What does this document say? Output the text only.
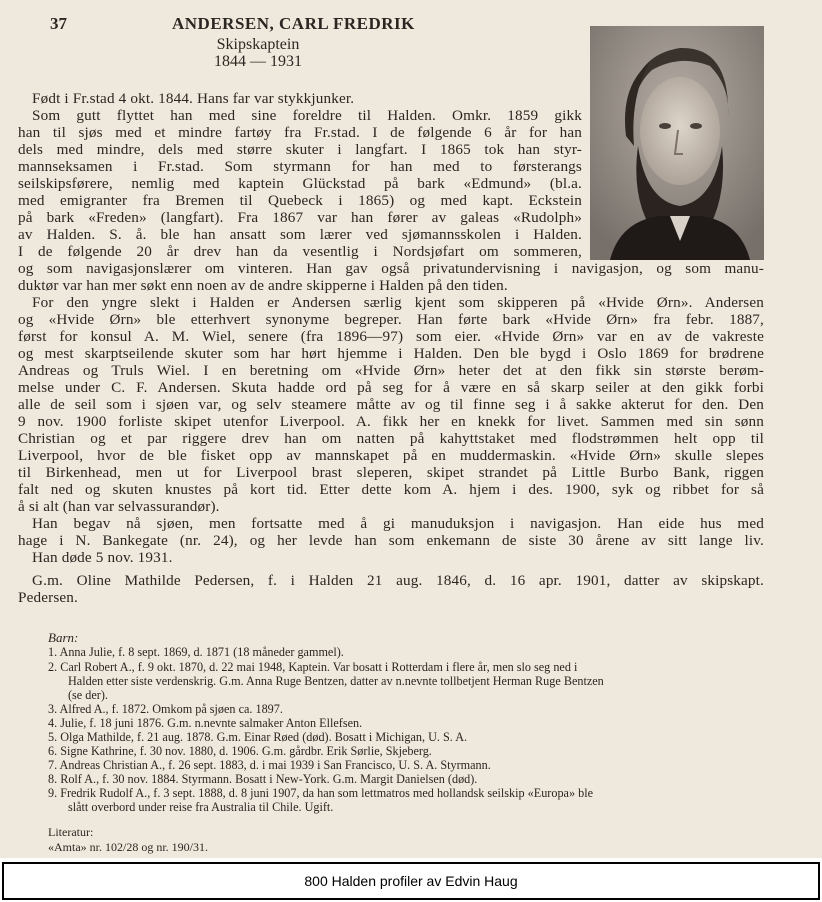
37	ANDERSEN, CARL FREDRIK
Skipskaptein
1844 — 1931
Født i Fr.stad 4 okt. 1844. Hans far var stykkjunker.
Som gutt flyttet han med sine foreldre til Halden. Omkr. 1859 gikk
han til sjøs med et mindre fartøy fra Fr.stad. I de følgende 6 år for han
dels med mindre, dels med større skuter i langfart. I 1865 tok han styr-
mannseksamen i Fr.stad. Som styrmann for han med to førsterangs
seilskipsførere, nemlig med kaptein Glückstad på bark «Edmund» (bl.a.
med emigranter fra Bremen til Quebeck i 1865) og med kapt. Eckstein
på bark «Freden» (langfart). Fra 1867 var han fører av galeas «Rudolph»
av Halden. S. å. ble han ansatt som lærer ved sjømannsskolen i Halden.
I de følgende 20 år drev han da vesentlig i Nordsjøfart om sommeren,
og som navigasjonslærer om vinteren. Han gav også privatundervisning i navigasjon, og som manu-
duktør var han mer søkt enn noen av de andre skipperne i Halden på den tiden.
For den yngre slekt i Halden er Andersen særlig kjent som skipperen på «Hvide Ørn». Andersen
og «Hvide Ørn» ble etterhvert synonyme begreper. Han førte bark «Hvide Ørn» fra febr. 1887,
først for konsul A. M. Wiel, senere (fra 1896—97) som eier. «Hvide Ørn» var en av de vakreste
og mest skarptseilende skuter som har hørt hjemme i Halden. Den ble bygd i Oslo 1869 for brødrene
Andreas og Truls Wiel. I en beretning om «Hvide Ørn» heter det at den fikk sin største berøm-
melse under C. F. Andersen. Skuta hadde ord på seg for å være en så skarp seiler at den gikk forbi
alle de seil som i sjøen var, og selv steamere måtte av og til finne seg i å sakke akterut for den. Den
9 nov. 1900 forliste skipet utenfor Liverpool. A. fikk her en knekk for livet. Sammen med sin sønn
Christian og et par riggere drev han om natten på kahyttstaket med flodstrømmen helt opp til
Liverpool, hvor de ble fisket opp av mannskapet på en muddermaskin. «Hvide Ørn» skulle slepes
til Birkenhead, men ut for Liverpool brast sleperen, skipet strandet på Little Burbo Bank, riggen
falt ned og skuten knustes på kort tid. Etter dette kom A. hjem i des. 1900, syk og ribbet for så
å si alt (han var selvassurandør).
Han begav nå sjøen, men fortsatte med å gi manuduksjon i navigasjon. Han eide hus med
hage i N. Bankegate (nr. 24), og her levde han som enkemann de siste 30 årene av sitt lange liv.
Han døde 5 nov. 1931.
G.m. Oline Mathilde Pedersen, f. i Halden 21 aug. 1846, d. 16 apr. 1901, datter av skipskapt.
Pedersen.
Barn:
1. Anna Julie, f. 8 sept. 1869, d. 1871 (18 måneder gammel).
2. Carl Robert A., f. 9 okt. 1870, d. 22 mai 1948, Kaptein. Var bosatt i Rotterdam i flere år, men slo seg ned i
Halden etter siste verdenskrig. G.m. Anna Ruge Bentzen, datter av n.nevnte tollbetjent Herman Ruge Bentzen
(se der).
3. Alfred A., f. 1872. Omkom på sjøen ca. 1897.
4. Julie, f. 18 juni 1876. G.m. n.nevnte salmaker Anton Ellefsen.
5. Olga Mathilde, f. 21 aug. 1878. G.m. Einar Røed (død). Bosatt i Michigan, U. S. A.
6. Signe Kathrine, f. 30 nov. 1880, d. 1906. G.m. gårdbr. Erik Sørlie, Skjeberg.
7. Andreas Christian A., f. 26 sept. 1883, d. i mai 1939 i San Francisco, U. S. A. Styrmann.
8. Rolf A., f. 30 nov. 1884. Styrmann. Bosatt i New-York. G.m. Margit Danielsen (død).
9. Fredrik Rudolf A., f. 3 sept. 1888, d. 8 juni 1907, da han som lettmatros med hollandsk seilskip «Europa» ble
slått overbord under reise fra Australia til Chile. Ugift.
Literatur:
«Amta» nr. 102/28 og nr. 190/31.
800 Halden profiler av Edvin Haug
